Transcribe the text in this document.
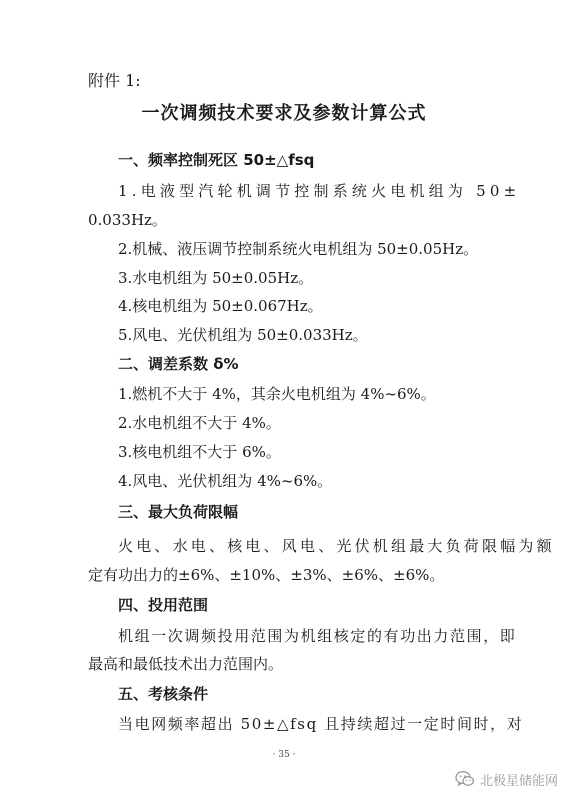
附件 1:
一次调频技术要求及参数计算公式
一、频率控制死区 50±△fsq
1.电液型汽轮机调节控制系统火电机组为 50±
0.033Hz。
2.机械、液压调节控制系统火电机组为 50±0.05Hz。
3.水电机组为 50±0.05Hz。
4.核电机组为 50±0.067Hz。
5.风电、光伏机组为 50±0.033Hz。
二、调差系数 δ%
1.燃机不大于 4%，其余火电机组为 4%~6%。
2.水电机组不大于 4%。
3.核电机组不大于 6%。
4.风电、光伏机组为 4%~6%。
三、最大负荷限幅
火电、水电、核电、风电、光伏机组最大负荷限幅为额
定有功出力的±6%、±10%、±3%、±6%、±6%。
四、投用范围
机组一次调频投用范围为机组核定的有功出力范围，即
最高和最低技术出力范围内。
五、考核条件
当电网频率超出 50±△fsq 且持续超过一定时间时，对
· 35 ·
北极星储能网
